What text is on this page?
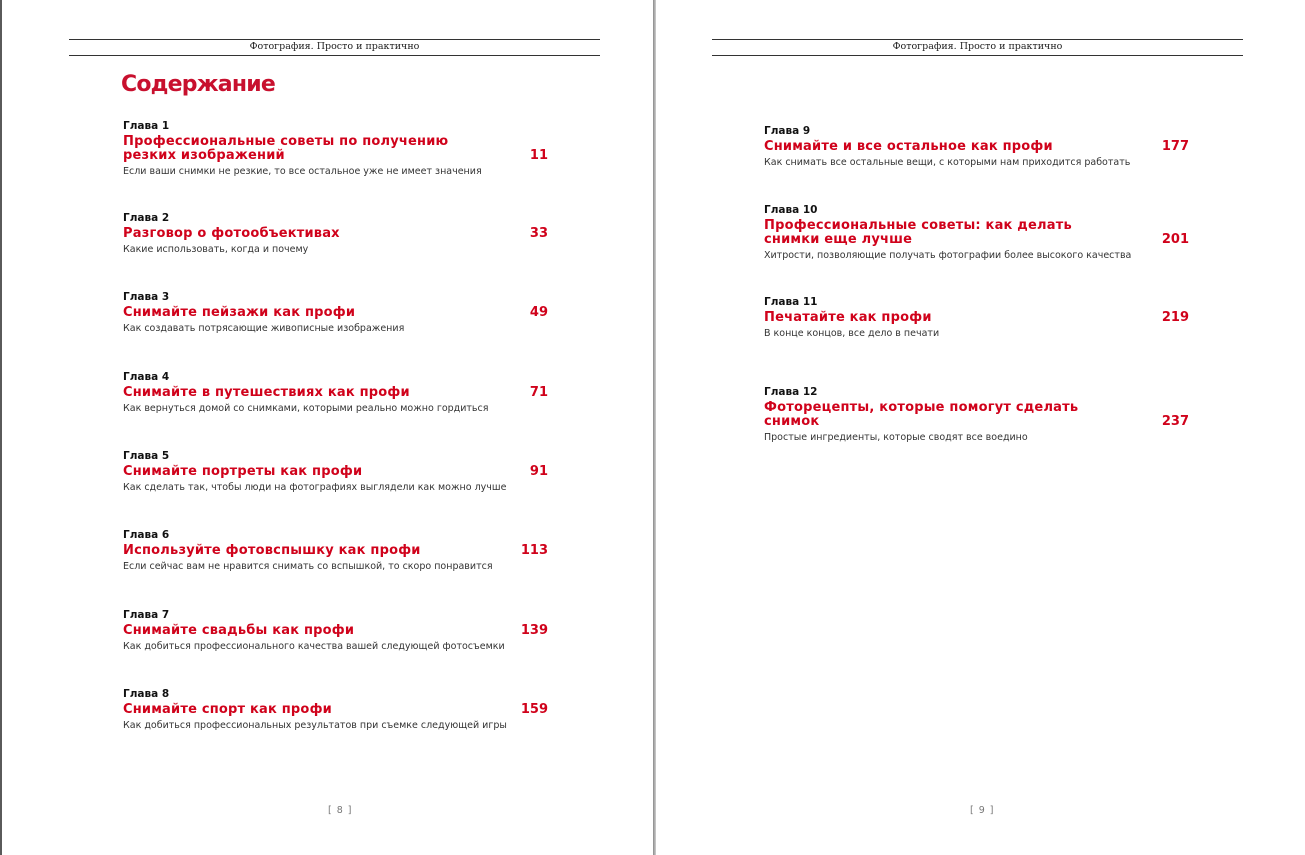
Фотография. Просто и практично
Содержание
Глава 1
Профессиональные советы по получению резких изображений	11
Если ваши снимки не резкие, то все остальное уже не имеет значения
Глава 2
Разговор о фотообъективах	33
Какие использовать, когда и почему
Глава 3
Снимайте пейзажи как профи	49
Как создавать потрясающие живописные изображения
Глава 4
Снимайте в путешествиях как профи	71
Как вернуться домой со снимками, которыми реально можно гордиться
Глава 5
Снимайте портреты как профи	91
Как сделать так, чтобы люди на фотографиях выглядели как можно лучше
Глава 6
Используйте фотовспышку как профи	113
Если сейчас вам не нравится снимать со вспышкой, то скоро понравится
Глава 7
Снимайте свадьбы как профи	139
Как добиться профессионального качества вашей следующей фотосъемки
Глава 8
Снимайте спорт как профи	159
Как добиться профессиональных результатов при съемке следующей игры
[ 8 ]
Фотография. Просто и практично
Глава 9
Снимайте и все остальное как профи	177
Как снимать все остальные вещи, с которыми нам приходится работать
Глава 10
Профессиональные советы: как делать снимки еще лучше	201
Хитрости, позволяющие получать фотографии более высокого качества
Глава 11
Печатайте как профи	219
В конце концов, все дело в печати
Глава 12
Фоторецепты, которые помогут сделать снимок	237
Простые ингредиенты, которые сводят все воедино
[ 9 ]
